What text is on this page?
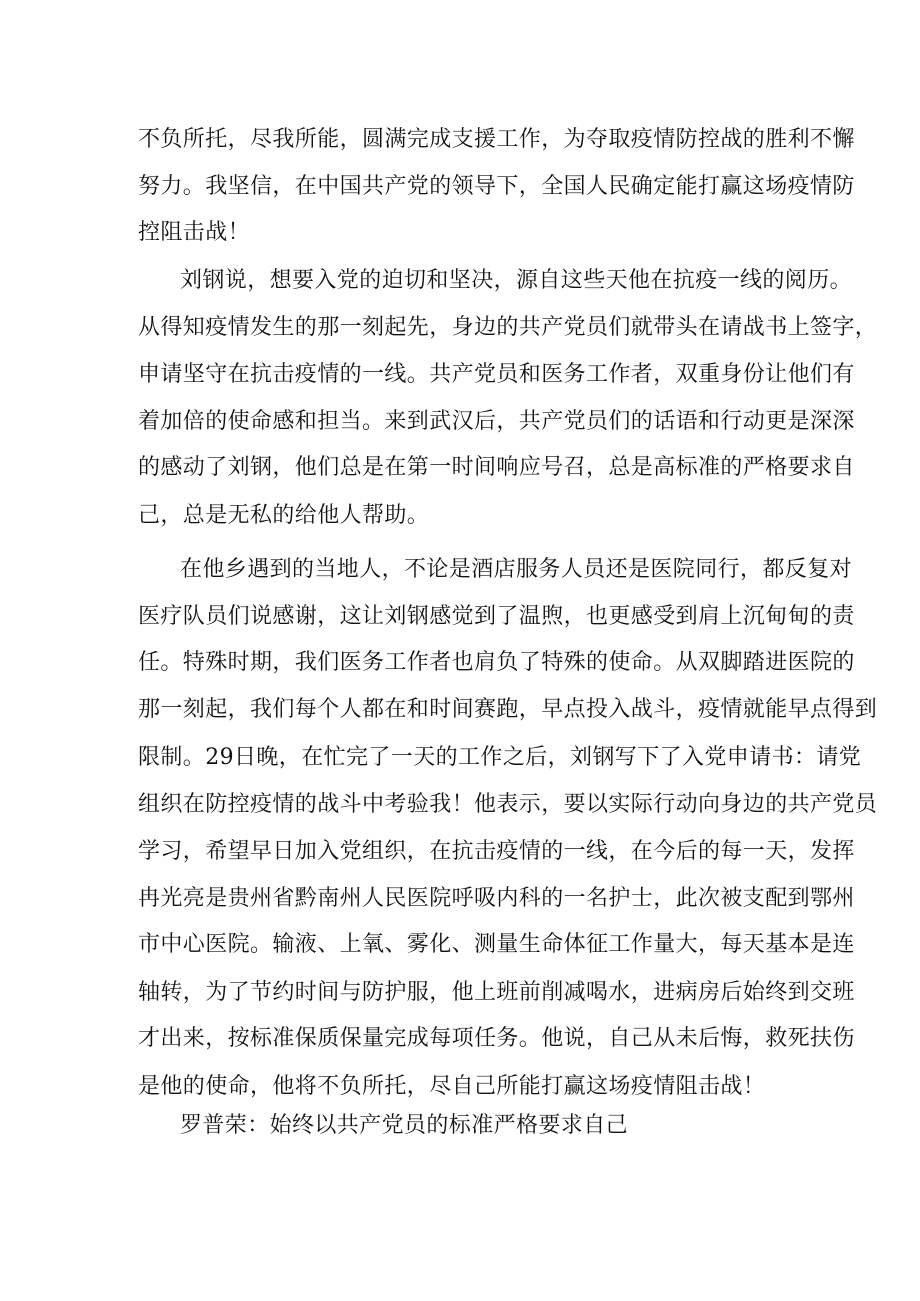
不负所托，尽我所能，圆满完成支援工作，为夺取疫情防控战的胜利不懈
努力。我坚信，在中国共产党的领导下，全国人民确定能打赢这场疫情防
控阻击战！
刘钢说，想要入党的迫切和坚决，源自这些天他在抗疫一线的阅历。
从得知疫情发生的那一刻起先，身边的共产党员们就带头在请战书上签字，
申请坚守在抗击疫情的一线。共产党员和医务工作者，双重身份让他们有
着加倍的使命感和担当。来到武汉后，共产党员们的话语和行动更是深深
的感动了刘钢，他们总是在第一时间响应号召，总是高标准的严格要求自
己，总是无私的给他人帮助。
在他乡遇到的当地人，不论是酒店服务人员还是医院同行，都反复对
医疗队员们说感谢，这让刘钢感觉到了温煦，也更感受到肩上沉甸甸的责
任。特殊时期，我们医务工作者也肩负了特殊的使命。从双脚踏进医院的
那一刻起，我们每个人都在和时间赛跑，早点投入战斗，疫情就能早点得到
限制。29日晚，在忙完了一天的工作之后，刘钢写下了入党申请书：请党
组织在防控疫情的战斗中考验我！他表示，要以实际行动向身边的共产党员
学习，希望早日加入党组织，在抗击疫情的一线，在今后的每一天，发挥
冉光亮是贵州省黔南州人民医院呼吸内科的一名护士，此次被支配到鄂州
市中心医院。输液、上氧、雾化、测量生命体征工作量大，每天基本是连
轴转，为了节约时间与防护服，他上班前削减喝水，进病房后始终到交班
才出来，按标准保质保量完成每项任务。他说，自己从未后悔，救死扶伤
是他的使命，他将不负所托，尽自己所能打赢这场疫情阻击战！
罗普荣：始终以共产党员的标准严格要求自己
